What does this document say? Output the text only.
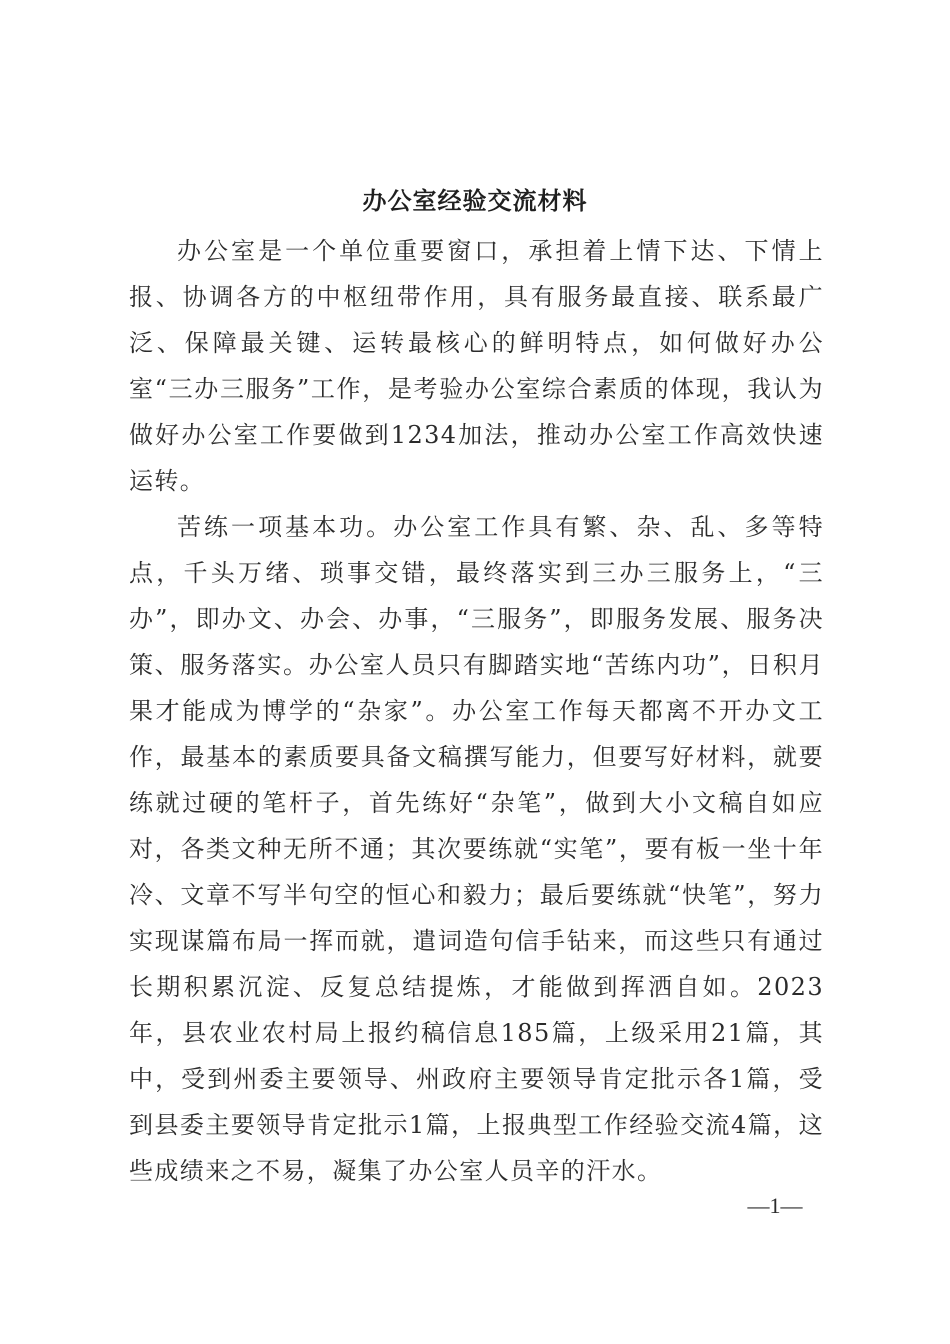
办公室经验交流材料

办公室是一个单位重要窗口，承担着上情下达、下情上报、协调各方的中枢纽带作用，具有服务最直接、联系最广泛、保障最关键、运转最核心的鲜明特点，如何做好办公室“三办三服务”工作，是考验办公室综合素质的体现，我认为做好办公室工作要做到1234加法，推动办公室工作高效快速运转。

苦练一项基本功。办公室工作具有繁、杂、乱、多等特点，千头万绪、琐事交错，最终落实到三办三服务上，“三办”，即办文、办会、办事，“三服务”，即服务发展、服务决策、服务落实。办公室人员只有脚踏实地“苦练内功”，日积月果才能成为博学的“杂家”。办公室工作每天都离不开办文工作，最基本的素质要具备文稿撰写能力，但要写好材料，就要练就过硬的笔杆子，首先练好“杂笔”，做到大小文稿自如应对，各类文种无所不通；其次要练就“实笔”，要有板一坐十年冷、文章不写半句空的恒心和毅力；最后要练就“快笔”，努力实现谋篇布局一挥而就，遣词造句信手钻来，而这些只有通过长期积累沉淀、反复总结提炼，才能做到挥洒自如。2023年，县农业农村局上报约稿信息185篇，上级采用21篇，其中，受到州委主要领导、州政府主要领导肯定批示各1篇，受到县委主要领导肯定批示1篇，上报典型工作经验交流4篇，这些成绩来之不易，凝集了办公室人员辛的汗水。

—1—
